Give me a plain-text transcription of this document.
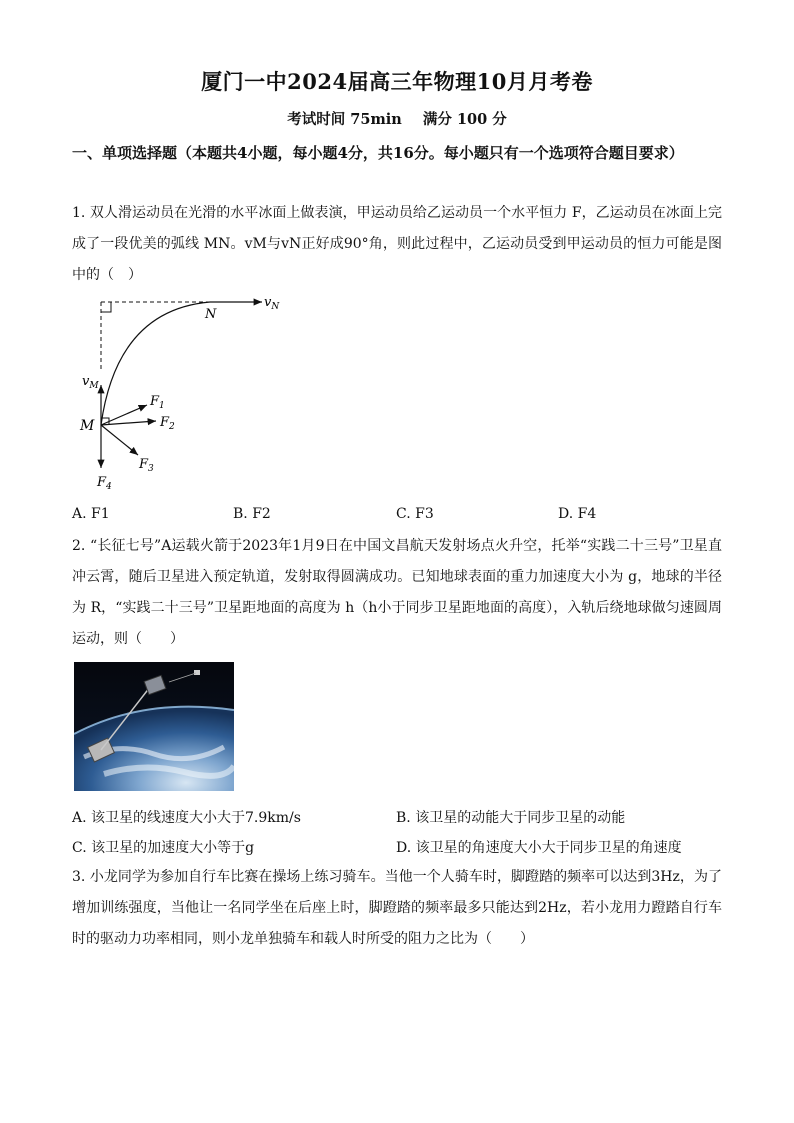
厦门一中2024届高三年物理10月月考卷
考试时间 75min 满分 100 分
一、单项选择题（本题共4小题，每小题4分，共16分。每小题只有一个选项符合题目要求）
1. 双人滑运动员在光滑的水平冰面上做表演，甲运动员给乙运动员一个水平恒力 F，乙运动员在冰面上完成了一段优美的弧线 MN。vM与vN正好成90°角，则此过程中，乙运动员受到甲运动员的恒力可能是图中的（　）
$v_N$
N
$v_M$
M
$F_1$
$F_2$
$F_3$
$F_4$
A. F1	B. F2	C. F3	D. F4
2. “长征七号”A运载火箭于2023年1月9日在中国文昌航天发射场点火升空，托举“实践二十三号”卫星直冲云霄，随后卫星进入预定轨道，发射取得圆满成功。已知地球表面的重力加速度大小为 g，地球的半径为 R，“实践二十三号”卫星距地面的高度为 h（h小于同步卫星距地面的高度），入轨后绕地球做匀速圆周运动，则（　　）
A. 该卫星的线速度大小大于7.9km/s	B. 该卫星的动能大于同步卫星的动能
C. 该卫星的加速度大小等于g	D. 该卫星的角速度大小大于同步卫星的角速度
3. 小龙同学为参加自行车比赛在操场上练习骑车。当他一个人骑车时，脚蹬踏的频率可以达到3Hz，为了增加训练强度，当他让一名同学坐在后座上时，脚蹬踏的频率最多只能达到2Hz，若小龙用力蹬踏自行车时的驱动力功率相同，则小龙单独骑车和载人时所受的阻力之比为（　　）
